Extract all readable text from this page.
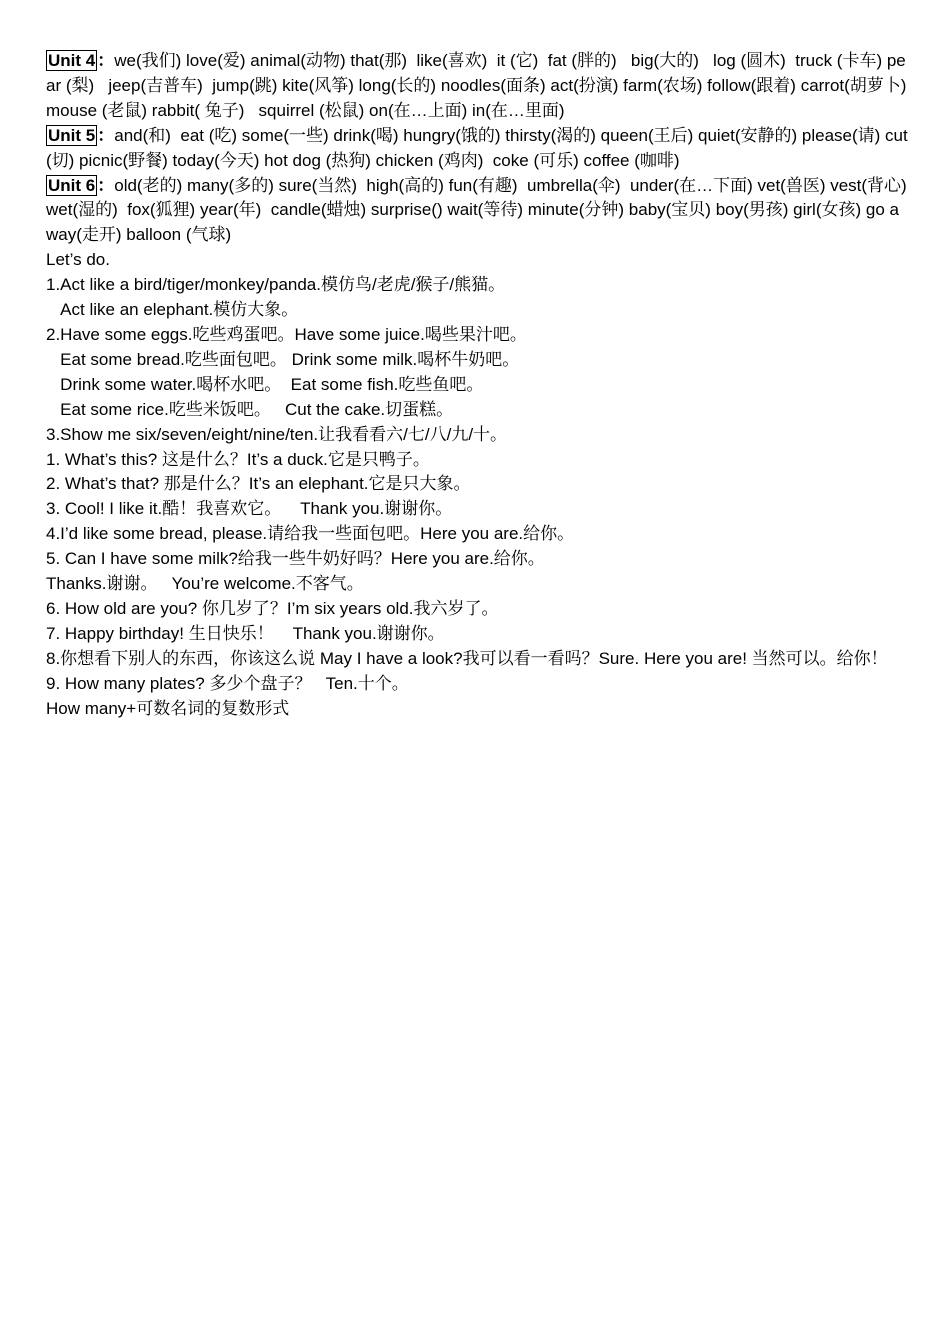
Unit 4 ：we(我们) love(爱) animal(动物) that(那)  like(喜欢)  it (它)  fat (胖的)   big(大的)   log (圆木)  truck (卡车) pear (梨)   jeep(吉普车)  jump(跳) kite(风筝) long(长的) noodles(面条) act(扮演) farm(农场) follow(跟着) carrot(胡萝卜) mouse (老鼠) rabbit( 兔子)   squirrel (松鼠) on(在…上面) in(在…里面)

Unit 5 ：and(和)  eat (吃) some(一些) drink(喝) hungry(饿的) thirsty(渴的) queen(王后) quiet(安静的) please(请) cut(切) picnic(野餐) today(今天) hot dog (热狗) chicken (鸡肉)  coke (可乐) coffee (咖啡)

Unit 6 ：old(老的) many(多的) sure(当然)  high(高的) fun(有趣)  umbrella(伞)  under(在…下面) vet(兽医) vest(背心) wet(湿的)  fox(狐狸) year(年)  candle(蜡烛) surprise() wait(等待) minute(分钟) baby(宝贝) boy(男孩) girl(女孩) go away(走开) balloon (气球)

Let’s do.

1.Act like a bird/tiger/monkey/panda.模仿鸟/老虎/猴子/熊猫。

Act like an elephant.模仿大象。

2.Have some eggs.吃些鸡蛋吧。Have some juice.喝些果汁吧。

Eat some bread.吃些面包吧。 Drink some milk.喝杯牛奶吧。

Drink some water.喝杯水吧。  Eat some fish.吃些鱼吧。

Eat some rice.吃些米饭吧。   Cut the cake.切蛋糕。

3.Show me six/seven/eight/nine/ten.让我看看六/七/八/九/十。

1. What’s this? 这是什么？It’s a duck.它是只鸭子。

2. What’s that? 那是什么？It’s an elephant.它是只大象。

3. Cool! I like it.酷！我喜欢它。    Thank you.谢谢你。

4.I’d like some bread, please.请给我一些面包吧。Here you are.给你。

5. Can I have some milk?给我一些牛奶好吗？Here you are.给你。

Thanks.谢谢。   You’re welcome.不客气。

6. How old are you? 你几岁了？I’m six years old.我六岁了。

7. Happy birthday! 生日快乐！    Thank you.谢谢你。

8.你想看下别人的东西，你该这么说 May I have a look?我可以看一看吗？Sure. Here you are! 当然可以。给你！

9. How many plates? 多少个盘子？   Ten.十个。

How many+可数名词的复数形式
